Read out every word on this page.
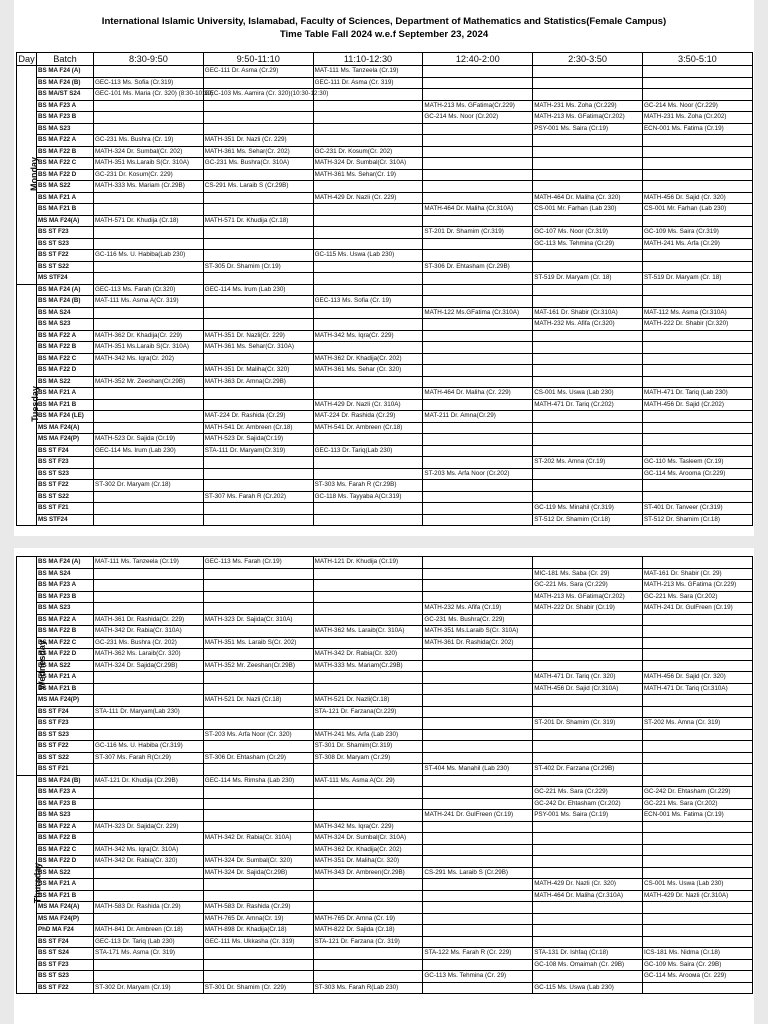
International Islamic University, Islamabad, Faculty of Sciences, Department of Mathematics and Statistics(Female Campus)
Time Table Fall 2024 w.e.f September 23, 2024
Day	Batch	8:30-9:50	9:50-11:10	11:10-12:30	12:40-2:00	2:30-3:50	3:50-5:10
Monday	BS MA F24 (A)		GEC-111 Dr. Asma (Cr.29)	MAT-111 Ms. Tanzeela (Cr.19)			
	BS MA F24 (B)	GEC-113 Ms. Sofia (Cr.319)		GEC-111 Dr. Asma (Cr. 319)			
	BS MA/ST S24	GEC-101 Ms. Maria (Cr. 320) (8:30-10:30)	GEC-103 Ms. Aamira (Cr. 320)(10:30-12:30)				
	BS MA F23 A				MATH-213 Ms. GFatima(Cr.229)	MATH-231 Ms. Zoha (Cr.229)	GC-214 Ms. Noor (Cr.229)
	BS MA F23 B				GC-214 Ms. Noor (Cr.202)	MATH-213 Ms. GFatima(Cr.202)	MATH-231 Ms. Zoha (Cr.202)
	BS MA S23					PSY-001 Ms. Saira (Cr.19)	ECN-001 Ms. Fatima (Cr.19)
	BS MA F22 A	GC-231 Ms. Bushra (Cr. 19)	MATH-351 Dr. Nazli (Cr. 229)				
	BS MA F22 B	MATH-324 Dr. Sumbal(Cr. 202)	MATH-361 Ms. Sehar(Cr. 202)	GC-231 Dr. Kosum(Cr. 202)			
	BS MA F22 C	MATH-351 Ms.Laraib S(Cr. 310A)	GC-231 Ms. Bushra(Cr. 310A)	MATH-324 Dr. Sumbal(Cr. 310A)			
	BS MA F22 D	GC-231 Dr. Kosum(Cr. 229)		MATH-361 Ms. Sehar(Cr. 19)			
	BS MA S22	MATH-333 Ms. Mariam (Cr.29B)	CS-291 Ms. Laraib S (Cr.29B)				
	BS MA F21 A			MATH-429 Dr. Nazli (Cr. 229)		MATH-464 Dr. Maliha (Cr. 320)	MATH-456 Dr. Sajid (Cr. 320)
	BS MA F21 B				MATH-464 Dr. Maliha (Cr.310A)	CS-001 Mr. Farhan (Lab 230)	CS-001 Mr. Farhan (Lab 230)
	MS MA F24(A)	MATH-571 Dr. Khudija (Cr.18)	MATH-571 Dr. Khudija (Cr.18)				
	BS ST F23				ST-201 Dr. Shamim (Cr.319)	GC-107 Ms. Noor (Cr.319)	GC-109 Ms. Saira (Cr.319)
	BS ST S23					GC-113 Ms. Tehmina (Cr.29)	MATH-241 Ms. Arfa (Cr.29)
	BS ST F22	GC-116 Ms. U. Habiba(Lab 230)		GC-115 Ms. Uswa (Lab 230)			
	BS ST S22		ST-305 Dr. Shamim (Cr.19)		ST-306 Dr. Ehtasham (Cr.29B)		
	MS STF24					ST-519 Dr. Maryam (Cr. 18)	ST-519 Dr. Maryam (Cr. 18)
Tuesday	BS MA F24 (A)	GEC-113 Ms. Farah (Cr.320)	GEC-114 Ms. Irum (Lab 230)				
	BS MA F24 (B)	MAT-111 Ms. Asma A(Cr. 319)		GEC-113 Ms. Sofia (Cr. 19)			
	BS MA S24				MATH-122 Ms.GFatima (Cr.310A)	MAT-161 Dr. Shabir (Cr.310A)	MAT-112 Ms. Asma (Cr.310A)
	BS MA S23					MATH-232 Ms. Afifa (Cr.320)	MATH-222 Dr. Shabir (Cr.320)
	BS MA F22 A	MATH-362 Dr. Khadija(Cr. 229)	MATH-351 Dr. Nazli(Cr. 229)	MATH-342 Ms. Iqra(Cr. 229)			
	BS MA F22 B	MATH-351 Ms.Laraib S(Cr. 310A)	MATH-361 Ms. Sehar(Cr. 310A)				
	BS MA F22 C	MATH-342 Ms. Iqra(Cr. 202)		MATH-362 Dr. Khadija(Cr. 202)			
	BS MA F22 D		MATH-351 Dr. Maliha(Cr. 320)	MATH-361 Ms. Sehar (Cr. 320)			
	BS MA S22	MATH-352 Mr. Zeeshan(Cr.29B)	MATH-363 Dr. Amna(Cr.29B)				
	BS MA F21 A				MATH-464 Dr. Maliha (Cr. 229)	CS-001 Ms. Uswa (Lab 230)	MATH-471 Dr. Tariq (Lab 230)
	BS MA F21 B			MATH-429 Dr. Nazli (Cr. 310A)		MATH-471 Dr. Tariq (Cr.202)	MATH-456 Dr. Sajid (Cr.202)
	BS MA F24 (LE)		MAT-224 Dr. Rashida (Cr.29)	MAT-224 Dr. Rashida (Cr.29)	MAT-211 Dr. Amna(Cr.29)		
	MS MA F24(A)		MATH-541 Dr. Ambreen (Cr.18)	MATH-541 Dr. Ambreen (Cr.18)			
	MS MA F24(P)	MATH-523 Dr. Sajida (Cr.19)	MATH-523 Dr. Sajida(Cr.19)				
	BS ST F24	GEC-114 Ms. Irum (Lab 230)	STA-111 Dr. Maryam(Cr.319)	GEC-113 Dr. Tariq(Lab 230)			
	BS ST F23					ST-202 Ms. Amna (Cr.19)	GC-110 Ms. Tasleem (Cr.19)
	BS ST S23				ST-203 Ms. Arfa Noor (Cr.202)		GC-114 Ms. Arooma (Cr.229)
	BS ST F22	ST-302 Dr. Maryam (Cr.18)		ST-303 Ms. Farah R (Cr.29B)			
	BS ST S22		ST-307 Ms. Farah R (Cr.202)	GC-118 Ms. Tayyaba A(Cr.319)			
	BS ST F21					GC-119 Ms. Minahil (Cr.319)	ST-401 Dr. Tanveer (Cr.319)
	MS STF24					ST-512 Dr. Shamim (Cr.18)	ST-512 Dr. Shamim (Cr.18)
Wednesday	BS MA F24 (A)	MAT-111 Ms. Tanzeela (Cr.19)	GEC-113 Ms. Farah (Cr.19)	MATH-121 Dr. Khudija (Cr.19)			
	BS MA S24					MIC-181 Ms. Saba (Cr. 29)	MAT-161 Dr. Shabir (Cr. 29)
	BS MA F23 A					GC-221 Ms. Sara (Cr.229)	MATH-213 Ms. GFatima (Cr.229)
	BS MA F23 B					MATH-213 Ms. GFatima(Cr.202)	GC-221 Ms. Sara (Cr.202)
	BS MA S23				MATH-232 Ms. Afifa (Cr.19)	MATH-222 Dr. Shabir (Cr.19)	MATH-241 Dr. GulFreen (Cr.19)
	BS MA F22 A	MATH-361 Dr. Rashida(Cr. 229)	MATH-323 Dr. Sajida(Cr. 310A)		GC-231 Ms. Bushra(Cr. 229)		
	BS MA F22 B	MATH-342 Dr. Rabia(Cr. 310A)		MATH-362 Ms. Laraib(Cr. 310A)	MATH-351 Ms.Laraib S(Cr. 310A)		
	BS MA F22 C	GC-231 Ms. Bushra (Cr. 202)	MATH-351 Ms. Laraib S(Cr. 202)		MATH-361 Dr. Rashida(Cr. 202)		
	BS MA F22 D	MATH-362 Ms. Laraib(Cr. 320)		MATH-342 Dr. Rabia(Cr. 320)			
	BS MA S22	MATH-324 Dr. Sajida(Cr.29B)	MATH-352 Mr. Zeeshan(Cr.29B)	MATH-333 Ms. Mariam(Cr.29B)			
	BS MA F21 A					MATH-471 Dr. Tariq (Cr. 320)	MATH-456 Dr. Sajid (Cr. 320)
	BS MA F21 B					MATH-456 Dr. Sajid (Cr.310A)	MATH-471 Dr. Tariq (Cr.310A)
	MS MA F24(P)		MATH-521 Dr. Nazli (Cr.18)	MATH-521 Dr. Nazli(Cr.18)			
	BS ST F24	STA-111 Dr. Maryam(Lab 230)		STA-121 Dr. Farzana(Cr.229)			
	BS ST F23					ST-201 Dr. Shamim (Cr. 319)	ST-202 Ms. Amna (Cr. 319)
	BS ST S23		ST-203 Ms. Arfa Noor (Cr. 320)	MATH-241 Ms. Arfa (Lab 230)			
	BS ST F22	GC-116 Ms. U. Habiba (Cr.319)		ST-301 Dr. Shamim(Cr.319)			
	BS ST S22	ST-307 Ms. Farah R(Cr.29)	ST-306 Dr. Ehtasham (Cr.29)	ST-308 Dr. Maryam (Cr.29)			
	BS ST F21				ST-404 Ms. Manahil (Lab 230)	ST-402 Dr. Farzana (Cr.29B)	
Thursday	BS MA F24 (B)	MAT-121 Dr. Khudija (Cr.29B)	GEC-114 Ms. Rimsha (Lab 230)	MAT-111 Ms. Asma A(Cr. 29)			
	BS MA F23 A					GC-221 Ms. Sara (Cr.229)	GC-242 Dr. Ehtasham (Cr.229)
	BS MA F23 B					GC-242 Dr. Ehtasham (Cr.202)	GC-221 Ms. Sara (Cr.202)
	BS MA S23				MATH-241 Dr. GulFreen (Cr.19)	PSY-001 Ms. Saira (Cr.19)	ECN-001 Ms. Fatima (Cr.19)
	BS MA F22 A	MATH-323 Dr. Sajida(Cr. 229)		MATH-342 Ms. Iqra(Cr. 229)			
	BS MA F22 B		MATH-342 Dr. Rabia(Cr. 310A)	MATH-324 Dr. Sumbal(Cr. 310A)			
	BS MA F22 C	MATH-342 Ms. Iqra(Cr. 310A)		MATH-362 Dr. Khadija(Cr. 202)			
	BS MA F22 D	MATH-342 Dr. Rabia(Cr. 320)	MATH-324 Dr. Sumbal(Cr. 320)	MATH-351 Dr. Maliha(Cr. 320)			
	BS MA S22		MATH-324 Dr. Sajida(Cr.29B)	MATH-343 Dr. Ambreen(Cr.29B)	CS-291 Ms. Laraib S (Cr.29B)		
	BS MA F21 A					MATH-429 Dr. Nazli (Cr. 320)	CS-001 Ms. Uswa (Lab 230)
	BS MA F21 B					MATH-464 Dr. Maliha (Cr.310A)	MATH-429 Dr. Nazli (Cr.310A)
	MS MA F24(A)	MATH-583 Dr. Rashida (Cr.29)	MATH-583 Dr. Rashida (Cr.29)				
	MS MA F24(P)		MATH-765 Dr. Amna(Cr. 19)	MATH-765 Dr. Amna (Cr. 19)			
	PhD MA F24	MATH-841 Dr. Ambreen (Cr.18)	MATH-898 Dr. Khadija(Cr.18)	MATH-822 Dr. Sajida (Cr.18)			
	BS ST F24	GEC-113 Dr. Tariq (Lab 230)	GEC-111 Ms. Ukkasha (Cr. 319)	STA-121 Dr. Farzana (Cr. 319)			
	BS ST S24	STA-171 Ms. Asma (Cr. 319)			STA-122 Ms. Farah R (Cr. 229)	STA-131 Dr. Ishfaq (Cr.18)	ICS-181 Ms. Nidma (Cr.18)
	BS ST F23					GC-108 Ms. Omaimah (Cr. 29B)	GC-109 Ms. Saira (Cr. 29B)
	BS ST S23				GC-113 Ms. Tehmina (Cr. 29)		GC-114 Ms. Aroома (Cr. 229)
	BS ST F22	ST-302 Dr. Maryam (Cr.19)	ST-301 Dr. Shamim (Cr. 229)	ST-303 Ms. Farah R(Lab 230)		GC-115 Ms. Uswa (Lab 230)	
